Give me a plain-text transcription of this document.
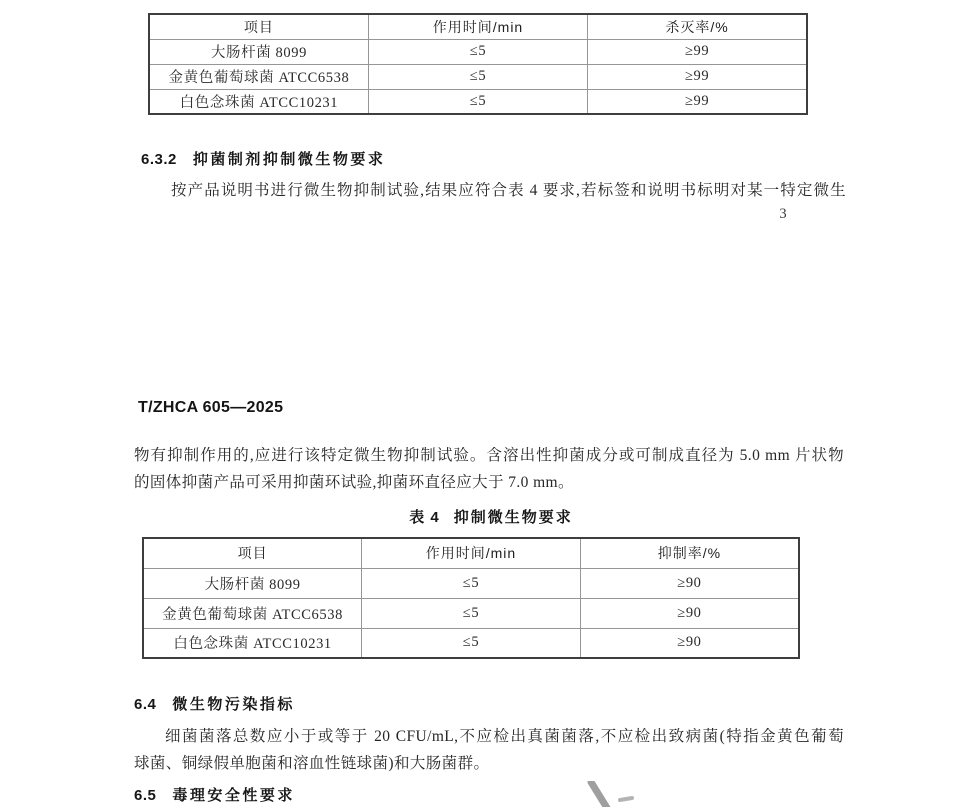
项目	作用时间/min	杀灭率/%
大肠杆菌 8099	≤5	≥99
金黄色葡萄球菌 ATCC6538	≤5	≥99
白色念珠菌 ATCC10231	≤5	≥99
6.3.2 抑菌制剂抑制微生物要求
按产品说明书进行微生物抑制试验,结果应符合表 4 要求,若标签和说明书标明对某一特定微生
3
T/ZHCA 605—2025
物有抑制作用的,应进行该特定微生物抑制试验。含溶出性抑菌成分或可制成直径为 5.0 mm 片状物
的固体抑菌产品可采用抑菌环试验,抑菌环直径应大于 7.0 mm。
表 4 抑制微生物要求
项目	作用时间/min	抑制率/%
大肠杆菌 8099	≤5	≥90
金黄色葡萄球菌 ATCC6538	≤5	≥90
白色念珠菌 ATCC10231	≤5	≥90
6.4 微生物污染指标
细菌菌落总数应小于或等于 20 CFU/mL,不应检出真菌菌落,不应检出致病菌(特指金黄色葡萄
球菌、铜绿假单胞菌和溶血性链球菌)和大肠菌群。
6.5 毒理安全性要求
